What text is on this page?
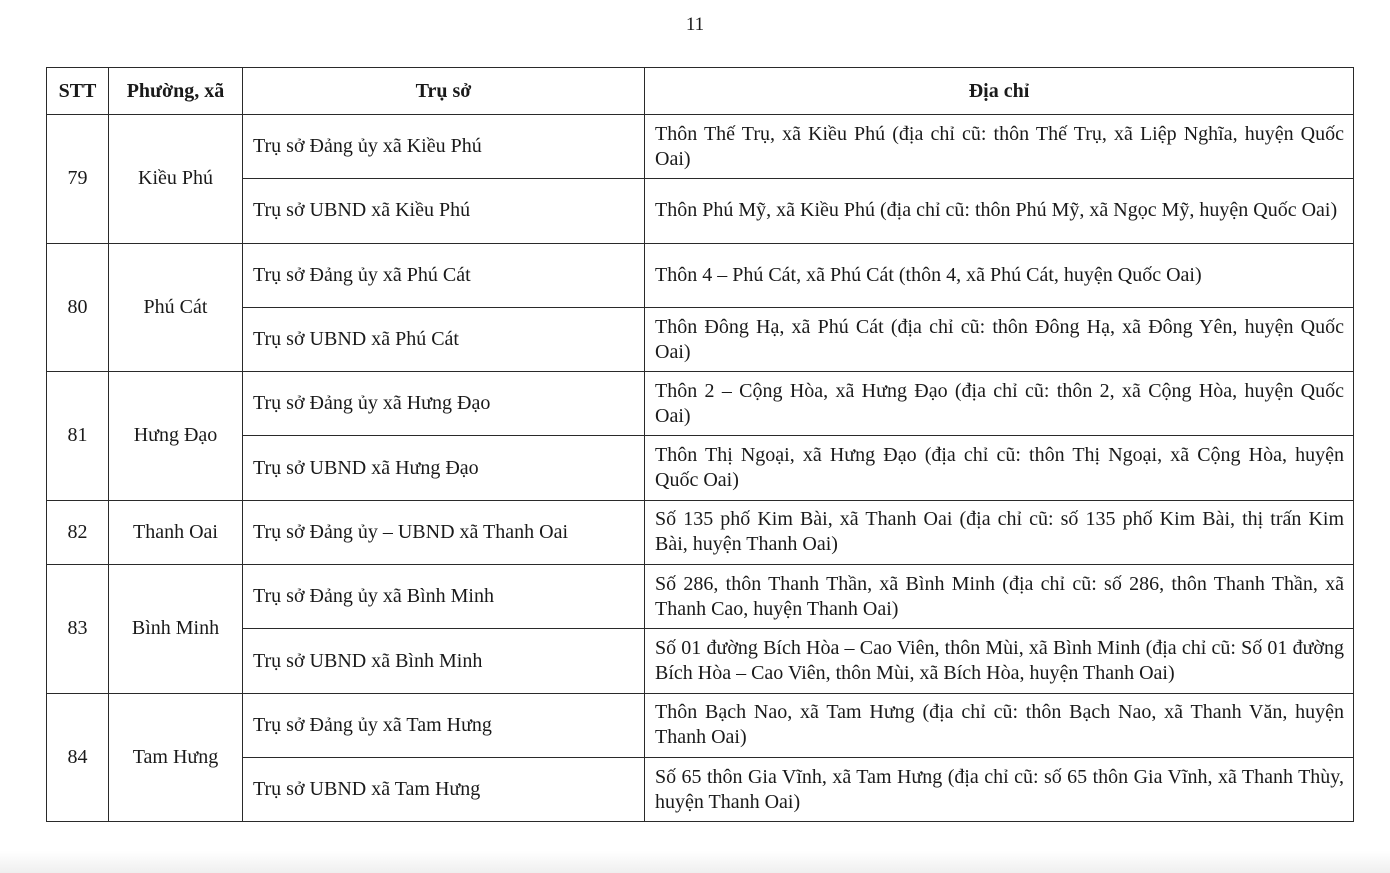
11
STT	Phường, xã	Trụ sở	Địa chỉ
79	Kiều Phú	Trụ sở Đảng ủy xã Kiều Phú	Thôn Thế Trụ, xã Kiều Phú (địa chỉ cũ: thôn Thế Trụ, xã Liệp Nghĩa, huyện Quốc Oai)
		Trụ sở UBND xã Kiều Phú	Thôn Phú Mỹ, xã Kiều Phú (địa chỉ cũ: thôn Phú Mỹ, xã Ngọc Mỹ, huyện Quốc Oai)
80	Phú Cát	Trụ sở Đảng ủy xã Phú Cát	Thôn 4 – Phú Cát, xã Phú Cát (thôn 4, xã Phú Cát, huyện Quốc Oai)
		Trụ sở UBND xã Phú Cát	Thôn Đông Hạ, xã Phú Cát (địa chỉ cũ: thôn Đông Hạ, xã Đông Yên, huyện Quốc Oai)
81	Hưng Đạo	Trụ sở Đảng ủy xã Hưng Đạo	Thôn 2 – Cộng Hòa, xã Hưng Đạo (địa chỉ cũ: thôn 2, xã Cộng Hòa, huyện Quốc Oai)
		Trụ sở UBND xã Hưng Đạo	Thôn Thị Ngoại, xã Hưng Đạo (địa chỉ cũ: thôn Thị Ngoại, xã Cộng Hòa, huyện Quốc Oai)
82	Thanh Oai	Trụ sở Đảng ủy – UBND xã Thanh Oai	Số 135 phố Kim Bài, xã Thanh Oai (địa chỉ cũ: số 135 phố Kim Bài, thị trấn Kim Bài, huyện Thanh Oai)
83	Bình Minh	Trụ sở Đảng ủy xã Bình Minh	Số 286, thôn Thanh Thần, xã Bình Minh (địa chỉ cũ: số 286, thôn Thanh Thần, xã Thanh Cao, huyện Thanh Oai)
		Trụ sở UBND xã Bình Minh	Số 01 đường Bích Hòa – Cao Viên, thôn Mùi, xã Bình Minh (địa chỉ cũ: Số 01 đường Bích Hòa – Cao Viên, thôn Mùi, xã Bích Hòa, huyện Thanh Oai)
84	Tam Hưng	Trụ sở Đảng ủy xã Tam Hưng	Thôn Bạch Nao, xã Tam Hưng (địa chỉ cũ: thôn Bạch Nao, xã Thanh Văn, huyện Thanh Oai)
		Trụ sở UBND xã Tam Hưng	Số 65 thôn Gia Vĩnh, xã Tam Hưng (địa chỉ cũ: số 65 thôn Gia Vĩnh, xã Thanh Thùy, huyện Thanh Oai)
